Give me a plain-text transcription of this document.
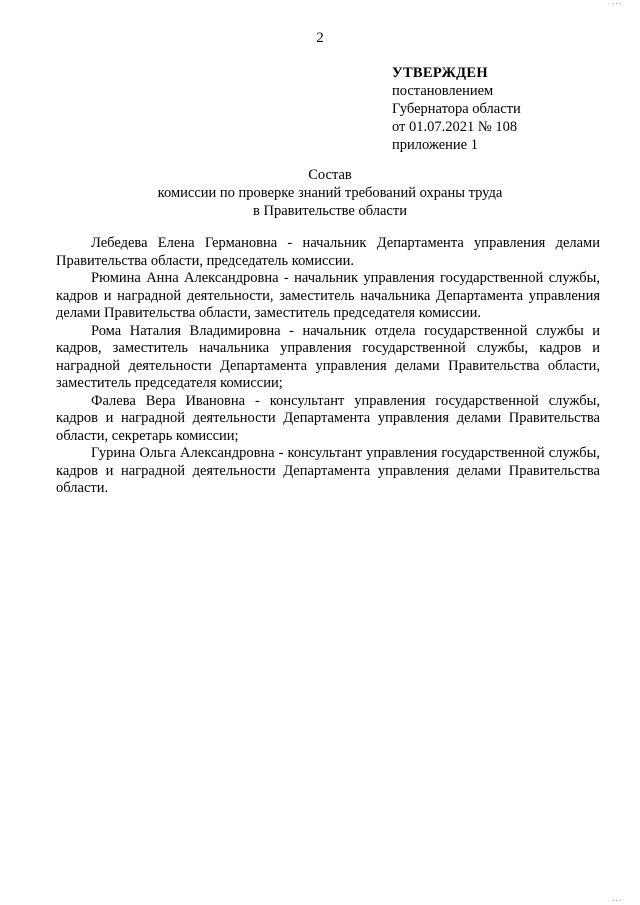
...
2
УТВЕРЖДЕН
постановлением
Губернатора области
от 01.07.2021 № 108
приложение 1
Состав
комиссии по проверке знаний требований охраны труда
в Правительстве области

Лебедева Елена Германовна - начальник Департамента управления делами Правительства области, председатель комиссии.

Рюмина Анна Александровна - начальник управления государственной службы, кадров и наградной деятельности, заместитель начальника Департамента управления делами Правительства области, заместитель председателя комиссии.

Рома Наталия Владимировна - начальник отдела государственной службы и кадров, заместитель начальника управления государственной службы, кадров и наградной деятельности Департамента управления делами Правительства области, заместитель председателя комиссии;

Фалева Вера Ивановна - консультант управления государственной службы, кадров и наградной деятельности Департамента управления делами Правительства области, секретарь комиссии;

Гурина Ольга Александровна - консультант управления государственной службы, кадров и наградной деятельности Департамента управления делами Правительства области.

...
